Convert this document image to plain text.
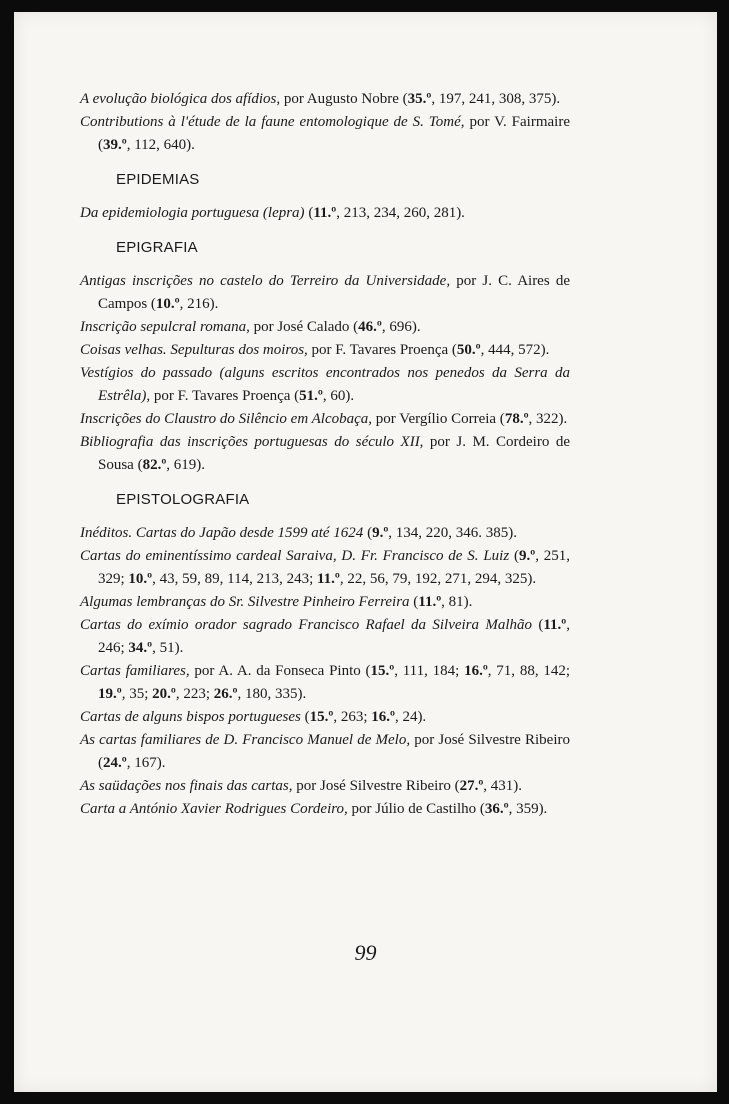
A evolução biológica dos afídios, por Augusto Nobre (35.º, 197, 241, 308, 375).

Contributions à l'étude de la faune entomologique de S. Tomé, por V. Fairmaire (39.º, 112, 640).

EPIDEMIAS

Da epidemiologia portuguesa (lepra) (11.º, 213, 234, 260, 281).

EPIGRAFIA

Antigas inscrições no castelo do Terreiro da Universidade, por J. C. Aires de Campos (10.º, 216).

Inscrição sepulcral romana, por José Calado (46.º, 696).

Coisas velhas. Sepulturas dos moiros, por F. Tavares Proença (50.º, 444, 572).

Vestígios do passado (alguns escritos encontrados nos penedos da Serra da Estrêla), por F. Tavares Proença (51.º, 60).

Inscrições do Claustro do Silêncio em Alcobaça, por Vergílio Correia (78.º, 322).

Bibliografia das inscrições portuguesas do século XII, por J. M. Cordeiro de Sousa (82.º, 619).

EPISTOLOGRAFIA

Inéditos. Cartas do Japão desde 1599 até 1624 (9.º, 134, 220, 346. 385).

Cartas do eminentíssimo cardeal Saraiva, D. Fr. Francisco de S. Luiz (9.º, 251, 329; 10.º, 43, 59, 89, 114, 213, 243; 11.º, 22, 56, 79, 192, 271, 294, 325).

Algumas lembranças do Sr. Silvestre Pinheiro Ferreira (11.º, 81).

Cartas do exímio orador sagrado Francisco Rafael da Silveira Malhão (11.º, 246; 34.º, 51).

Cartas familiares, por A. A. da Fonseca Pinto (15.º, 111, 184; 16.º, 71, 88, 142; 19.º, 35; 20.º, 223; 26.º, 180, 335).

Cartas de alguns bispos portugueses (15.º, 263; 16.º, 24).

As cartas familiares de D. Francisco Manuel de Melo, por José Silvestre Ribeiro (24.º, 167).

As saüdações nos finais das cartas, por José Silvestre Ribeiro (27.º, 431).

Carta a António Xavier Rodrigues Cordeiro, por Júlio de Castilho (36.º, 359).

99
